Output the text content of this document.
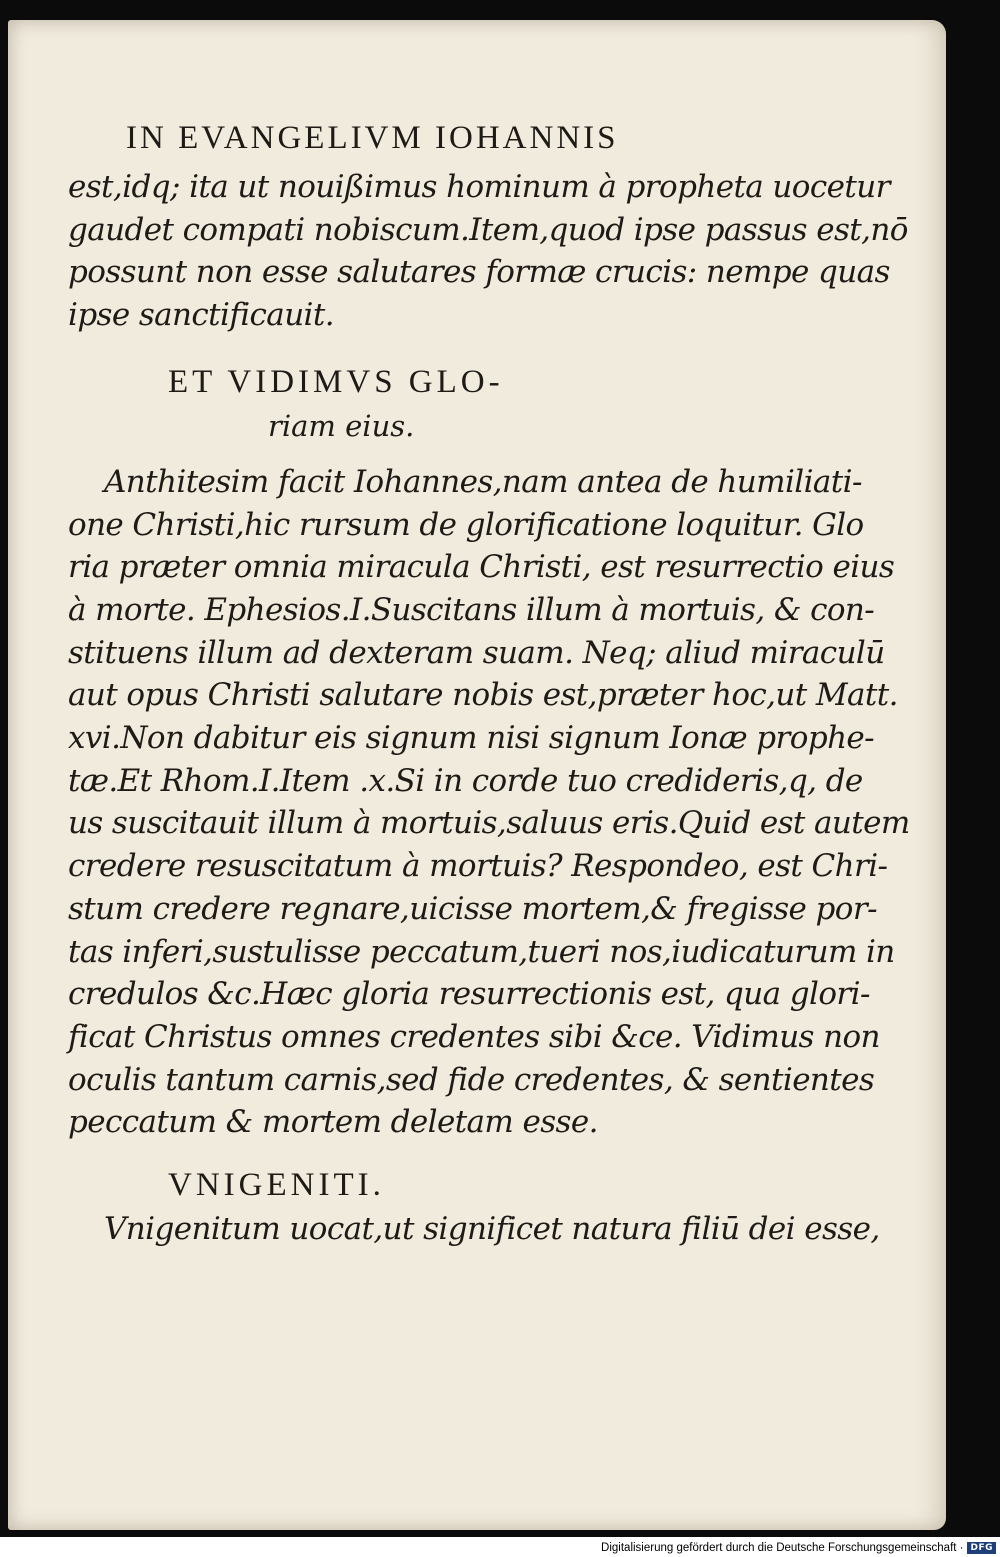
IN EVANGELIVM IOHANNIS
est,idq; ita ut nouißimus hominum à propheta uocetur
gaudet compati nobiscum.Item,quod ipse passus est,nō
possunt non esse salutares formæ crucis: nempe quas
ipse sanctificauit.
ET VIDIMVS GLO-
riam eius.
Anthitesim facit Iohannes,nam antea de humiliati-
one Christi,hic rursum de glorificatione loquitur. Glo
ria præter omnia miracula Christi, est resurrectio eius
à morte. Ephesios.I.Suscitans illum à mortuis, & con-
stituens illum ad dexteram suam. Neq; aliud miraculū
aut opus Christi salutare nobis est,præter hoc,ut Matt.
xvi.Non dabitur eis signum nisi signum Ionæ prophe-
tæ.Et Rhom.I.Item .x.Si in corde tuo credideris,q, de
us suscitauit illum à mortuis,saluus eris.Quid est autem
credere resuscitatum à mortuis? Respondeo, est Chri-
stum credere regnare,uicisse mortem,& fregisse por-
tas inferi,sustulisse peccatum,tueri nos,iudicaturum in
credulos &c.Hæc gloria resurrectionis est, qua glori-
ficat Christus omnes credentes sibi &ce. Vidimus non
oculis tantum carnis,sed fide credentes, & sentientes
peccatum & mortem deletam esse.
VNIGENITI.
Vnigenitum uocat,ut significet natura filiū dei esse,
Digitalisierung gefördert durch die Deutsche Forschungsgemeinschaft · DFG
